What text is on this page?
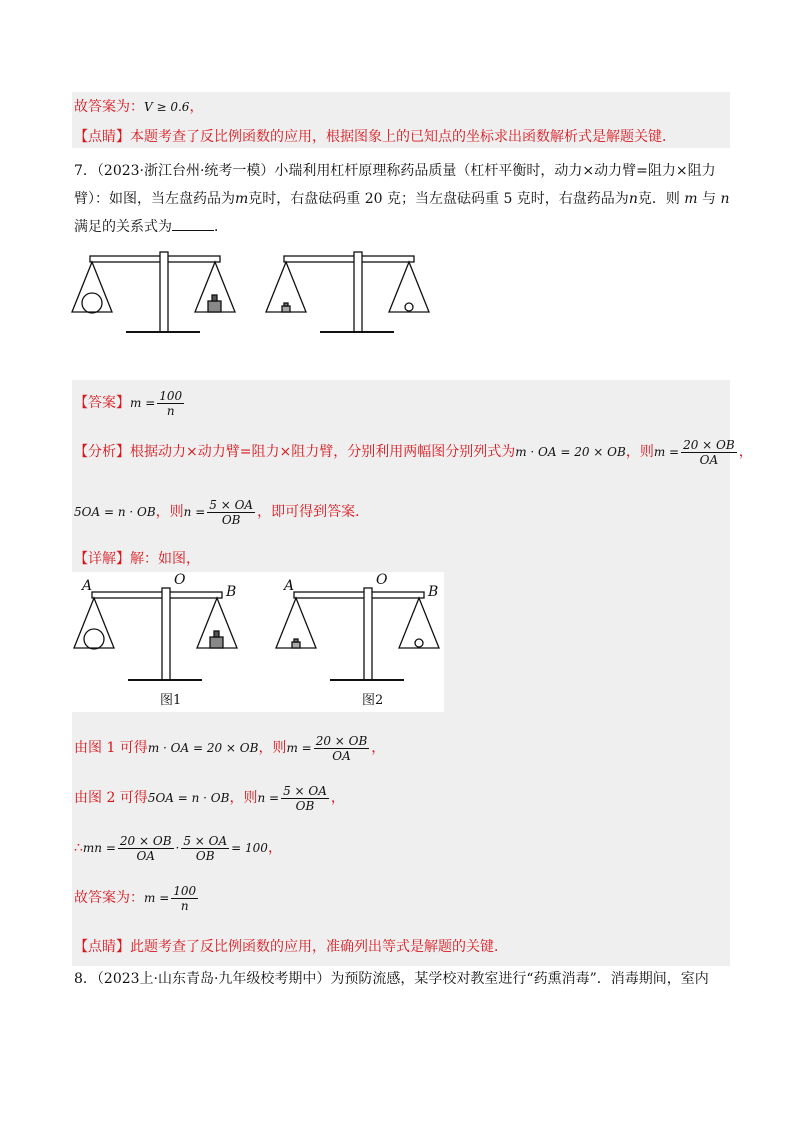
故答案为：V ≥ 0.6，
【点睛】本题考查了反比例函数的应用，根据图象上的已知点的坐标求出函数解析式是解题关键．
7．（2023·浙江台州·统考一模）小瑞利用杠杆原理称药品质量（杠杆平衡时，动力×动力臂=阻力×阻力
臂）：如图，当左盘药品为m克时，右盘砝码重 20 克；当左盘砝码重 5 克时，右盘药品为n克．则 m 与 n
满足的关系式为	．
【答案】$m = \frac{100}{n}$
【分析】根据动力×动力臂=阻力×阻力臂，分别利用两幅图分别列式为m · OA = 20 × OB，则$m = \frac{20 \times OB}{OA}$ ，
5OA = n · OB，则$n = \frac{5 \times OA}{OB}$ ，即可得到答案．
【详解】解：如图，
A	O
B	A	O
B
图1	图2
由图 1 可得m · OA = 20 × OB，则$m = \frac{20 \times OB}{OA}$ ，
由图 2 可得5OA = n · OB，则$n = \frac{5 \times OA}{OB}$ ，
∴mn = $\frac{20 \times OB}{OA} \cdot \frac{5 \times OA}{OB} = 100$，
故答案为：$m = \frac{100}{n}$
【点睛】此题考查了反比例函数的应用，准确列出等式是解题的关键．
8．（2023上·山东青岛·九年级校考期中）为预防流感，某学校对教室进行“药熏消毒”．消毒期间，室内
